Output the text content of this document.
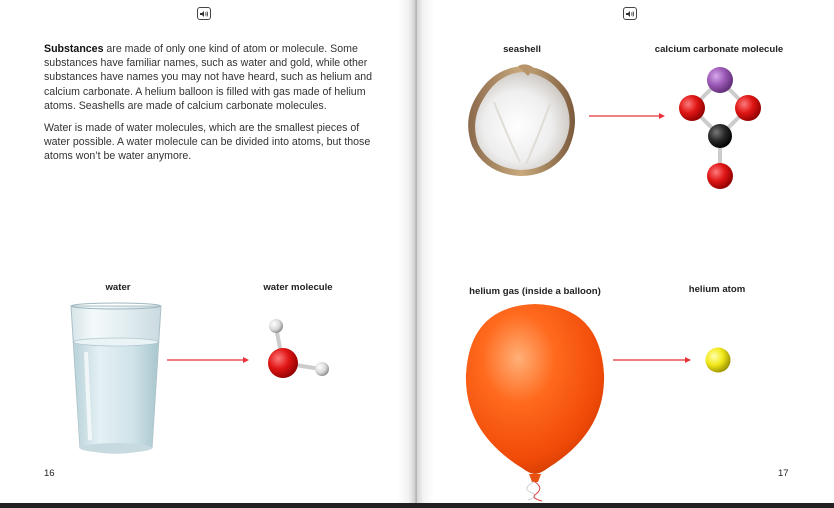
Substances are made of only one kind of atom or molecule. Some substances have familiar names, such as water and gold, while other substances have names you may not have heard, such as helium and calcium carbonate. A helium balloon is filled with gas made of helium atoms. Seashells are made of calcium carbonate molecules.

Water is made of water molecules, which are the smallest pieces of water possible. A water molecule can be divided into atoms, but those atoms won’t be water anymore.

water	water molecule
16
seashell	calcium carbonate molecule
helium gas (inside a balloon)	helium atom
17
